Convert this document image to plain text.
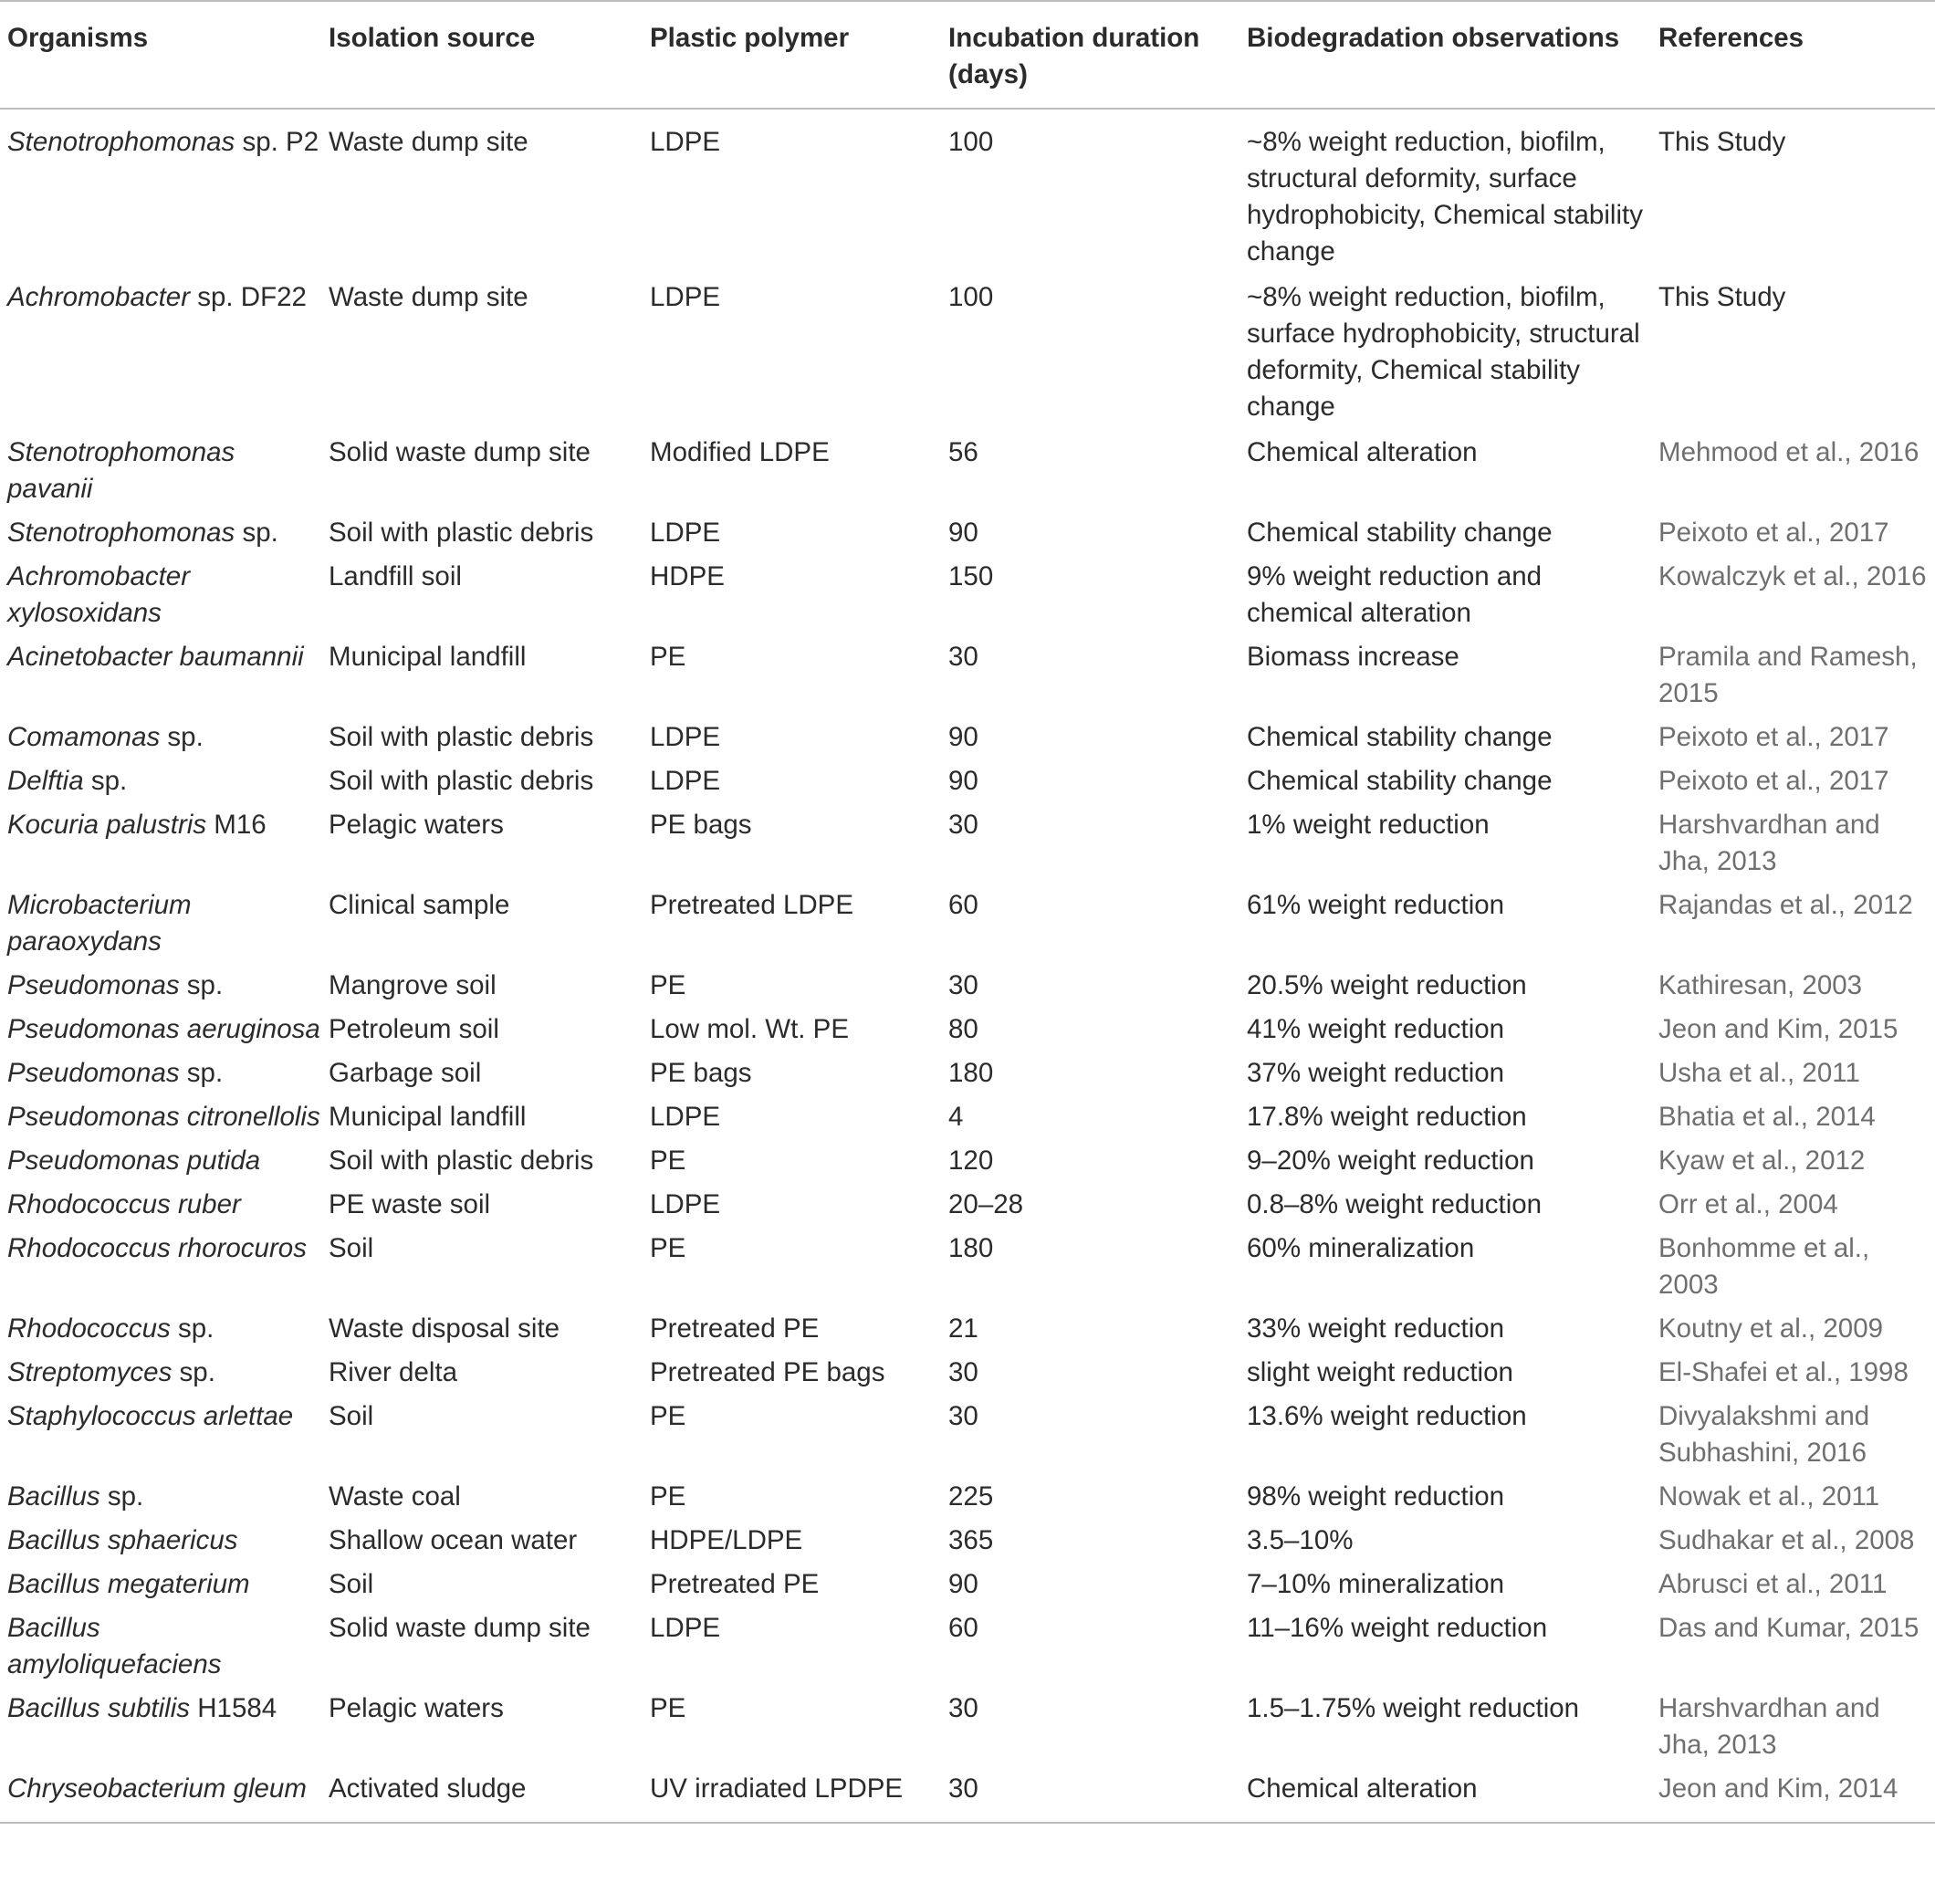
Organisms	Isolation source	Plastic polymer	Incubation duration (days)	Biodegradation observations	References
Stenotrophomonas sp. P2	Waste dump site	LDPE	100	~8% weight reduction, biofilm, structural deformity, surface hydrophobicity, Chemical stability change	This Study
Achromobacter sp. DF22	Waste dump site	LDPE	100	~8% weight reduction, biofilm, surface hydrophobicity, structural deformity, Chemical stability change	This Study
Stenotrophomonas pavanii	Solid waste dump site	Modified LDPE	56	Chemical alteration	Mehmood et al., 2016
Stenotrophomonas sp.	Soil with plastic debris	LDPE	90	Chemical stability change	Peixoto et al., 2017
Achromobacter xylosoxidans	Landfill soil	HDPE	150	9% weight reduction and chemical alteration	Kowalczyk et al., 2016
Acinetobacter baumannii	Municipal landfill	PE	30	Biomass increase	Pramila and Ramesh, 2015
Comamonas sp.	Soil with plastic debris	LDPE	90	Chemical stability change	Peixoto et al., 2017
Delftia sp.	Soil with plastic debris	LDPE	90	Chemical stability change	Peixoto et al., 2017
Kocuria palustris M16	Pelagic waters	PE bags	30	1% weight reduction	Harshvardhan and Jha, 2013
Microbacterium paraoxydans	Clinical sample	Pretreated LDPE	60	61% weight reduction	Rajandas et al., 2012
Pseudomonas sp.	Mangrove soil	PE	30	20.5% weight reduction	Kathiresan, 2003
Pseudomonas aeruginosa	Petroleum soil	Low mol. Wt. PE	80	41% weight reduction	Jeon and Kim, 2015
Pseudomonas sp.	Garbage soil	PE bags	180	37% weight reduction	Usha et al., 2011
Pseudomonas citronellolis	Municipal landfill	LDPE	4	17.8% weight reduction	Bhatia et al., 2014
Pseudomonas putida	Soil with plastic debris	PE	120	9–20% weight reduction	Kyaw et al., 2012
Rhodococcus ruber	PE waste soil	LDPE	20–28	0.8–8% weight reduction	Orr et al., 2004
Rhodococcus rhorocuros	Soil	PE	180	60% mineralization	Bonhomme et al., 2003
Rhodococcus sp.	Waste disposal site	Pretreated PE	21	33% weight reduction	Koutny et al., 2009
Streptomyces sp.	River delta	Pretreated PE bags	30	slight weight reduction	El-Shafei et al., 1998
Staphylococcus arlettae	Soil	PE	30	13.6% weight reduction	Divyalakshmi and Subhashini, 2016
Bacillus sp.	Waste coal	PE	225	98% weight reduction	Nowak et al., 2011
Bacillus sphaericus	Shallow ocean water	HDPE/LDPE	365	3.5–10%	Sudhakar et al., 2008
Bacillus megaterium	Soil	Pretreated PE	90	7–10% mineralization	Abrusci et al., 2011
Bacillus amyloliquefaciens	Solid waste dump site	LDPE	60	11–16% weight reduction	Das and Kumar, 2015
Bacillus subtilis H1584	Pelagic waters	PE	30	1.5–1.75% weight reduction	Harshvardhan and Jha, 2013
Chryseobacterium gleum	Activated sludge	UV irradiated LPDPE	30	Chemical alteration	Jeon and Kim, 2014
